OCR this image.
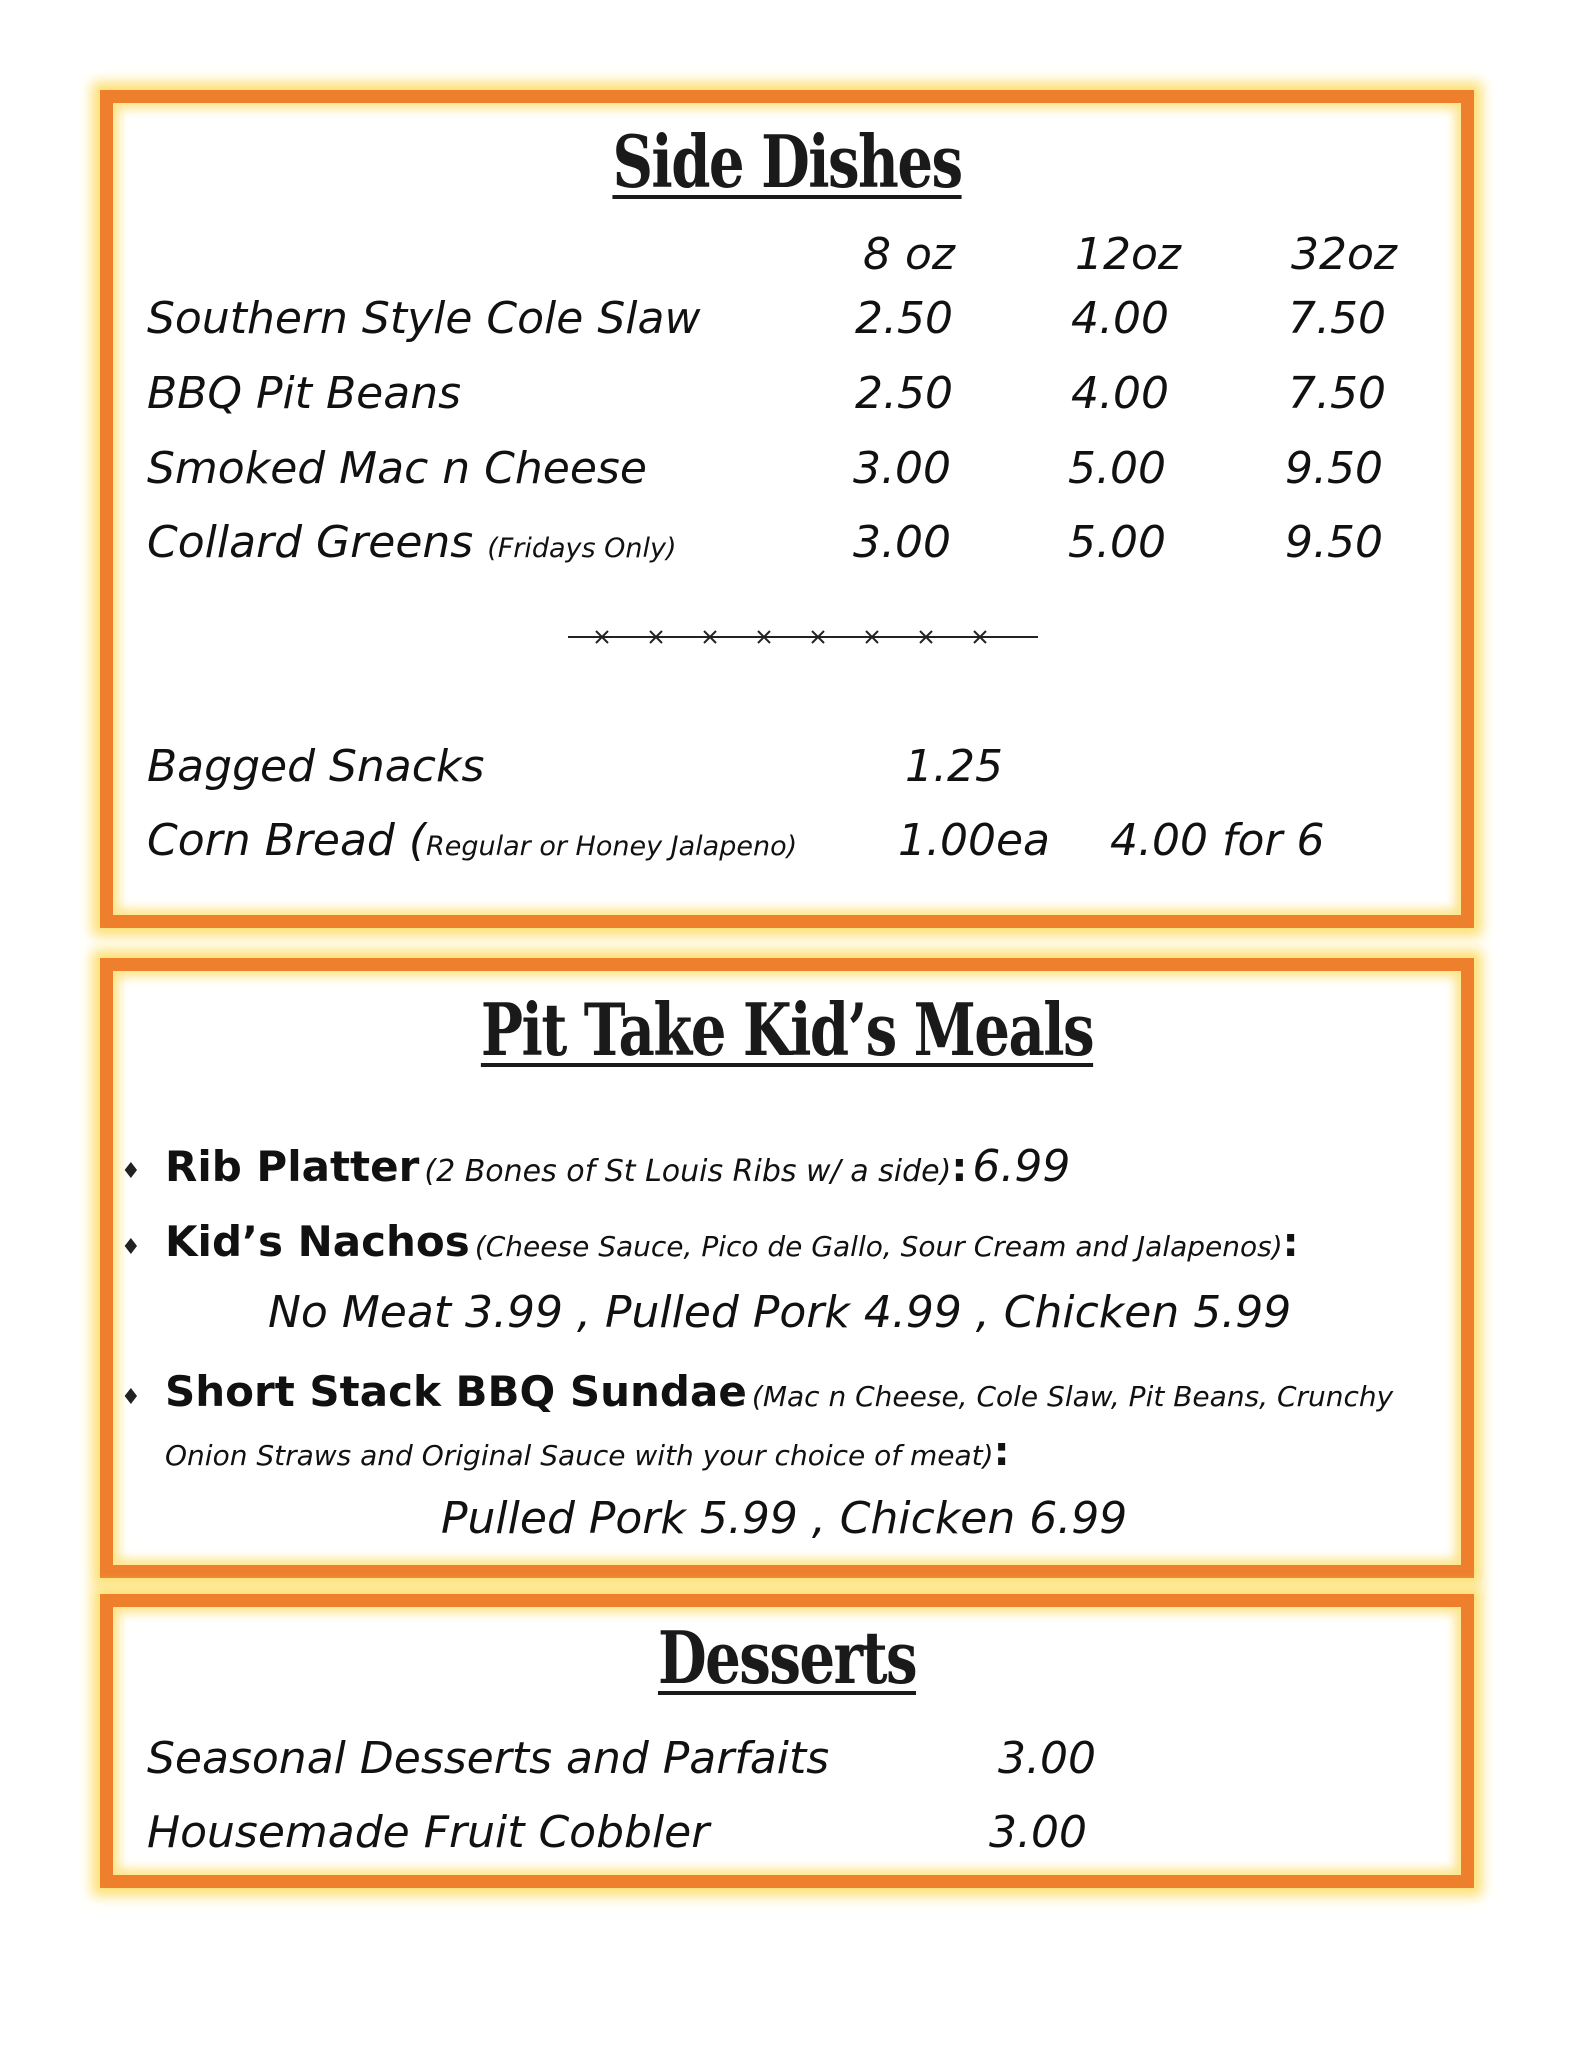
Side Dishes
8 oz	12oz 32oz
Southern Style Cole Slaw	2.50	4.00	7.50
BBQ Pit Beans	2.50	4.00	7.50
Smoked Mac n Cheese	3.00	5.00	9.50
Collard Greens (Fridays Only)	3.00	5.00	9.50
Bagged Snacks	1.25
Corn Bread (Regular or Honey Jalapeno) 1.00ea 4.00 for 6
Pit Take Kid’s Meals
♦ Rib Platter (2 Bones of St Louis Ribs w/ a side): 6.99
♦ Kid’s Nachos (Cheese Sauce, Pico de Gallo, Sour Cream and Jalapenos):
No Meat 3.99 , Pulled Pork 4.99 , Chicken 5.99
♦ Short Stack BBQ Sundae (Mac n Cheese, Cole Slaw, Pit Beans, Crunchy
Onion Straws and Original Sauce with your choice of meat):
Pulled Pork 5.99 , Chicken 6.99
Desserts
Seasonal Desserts and Parfaits	3.00
Housemade Fruit Cobbler	3.00
